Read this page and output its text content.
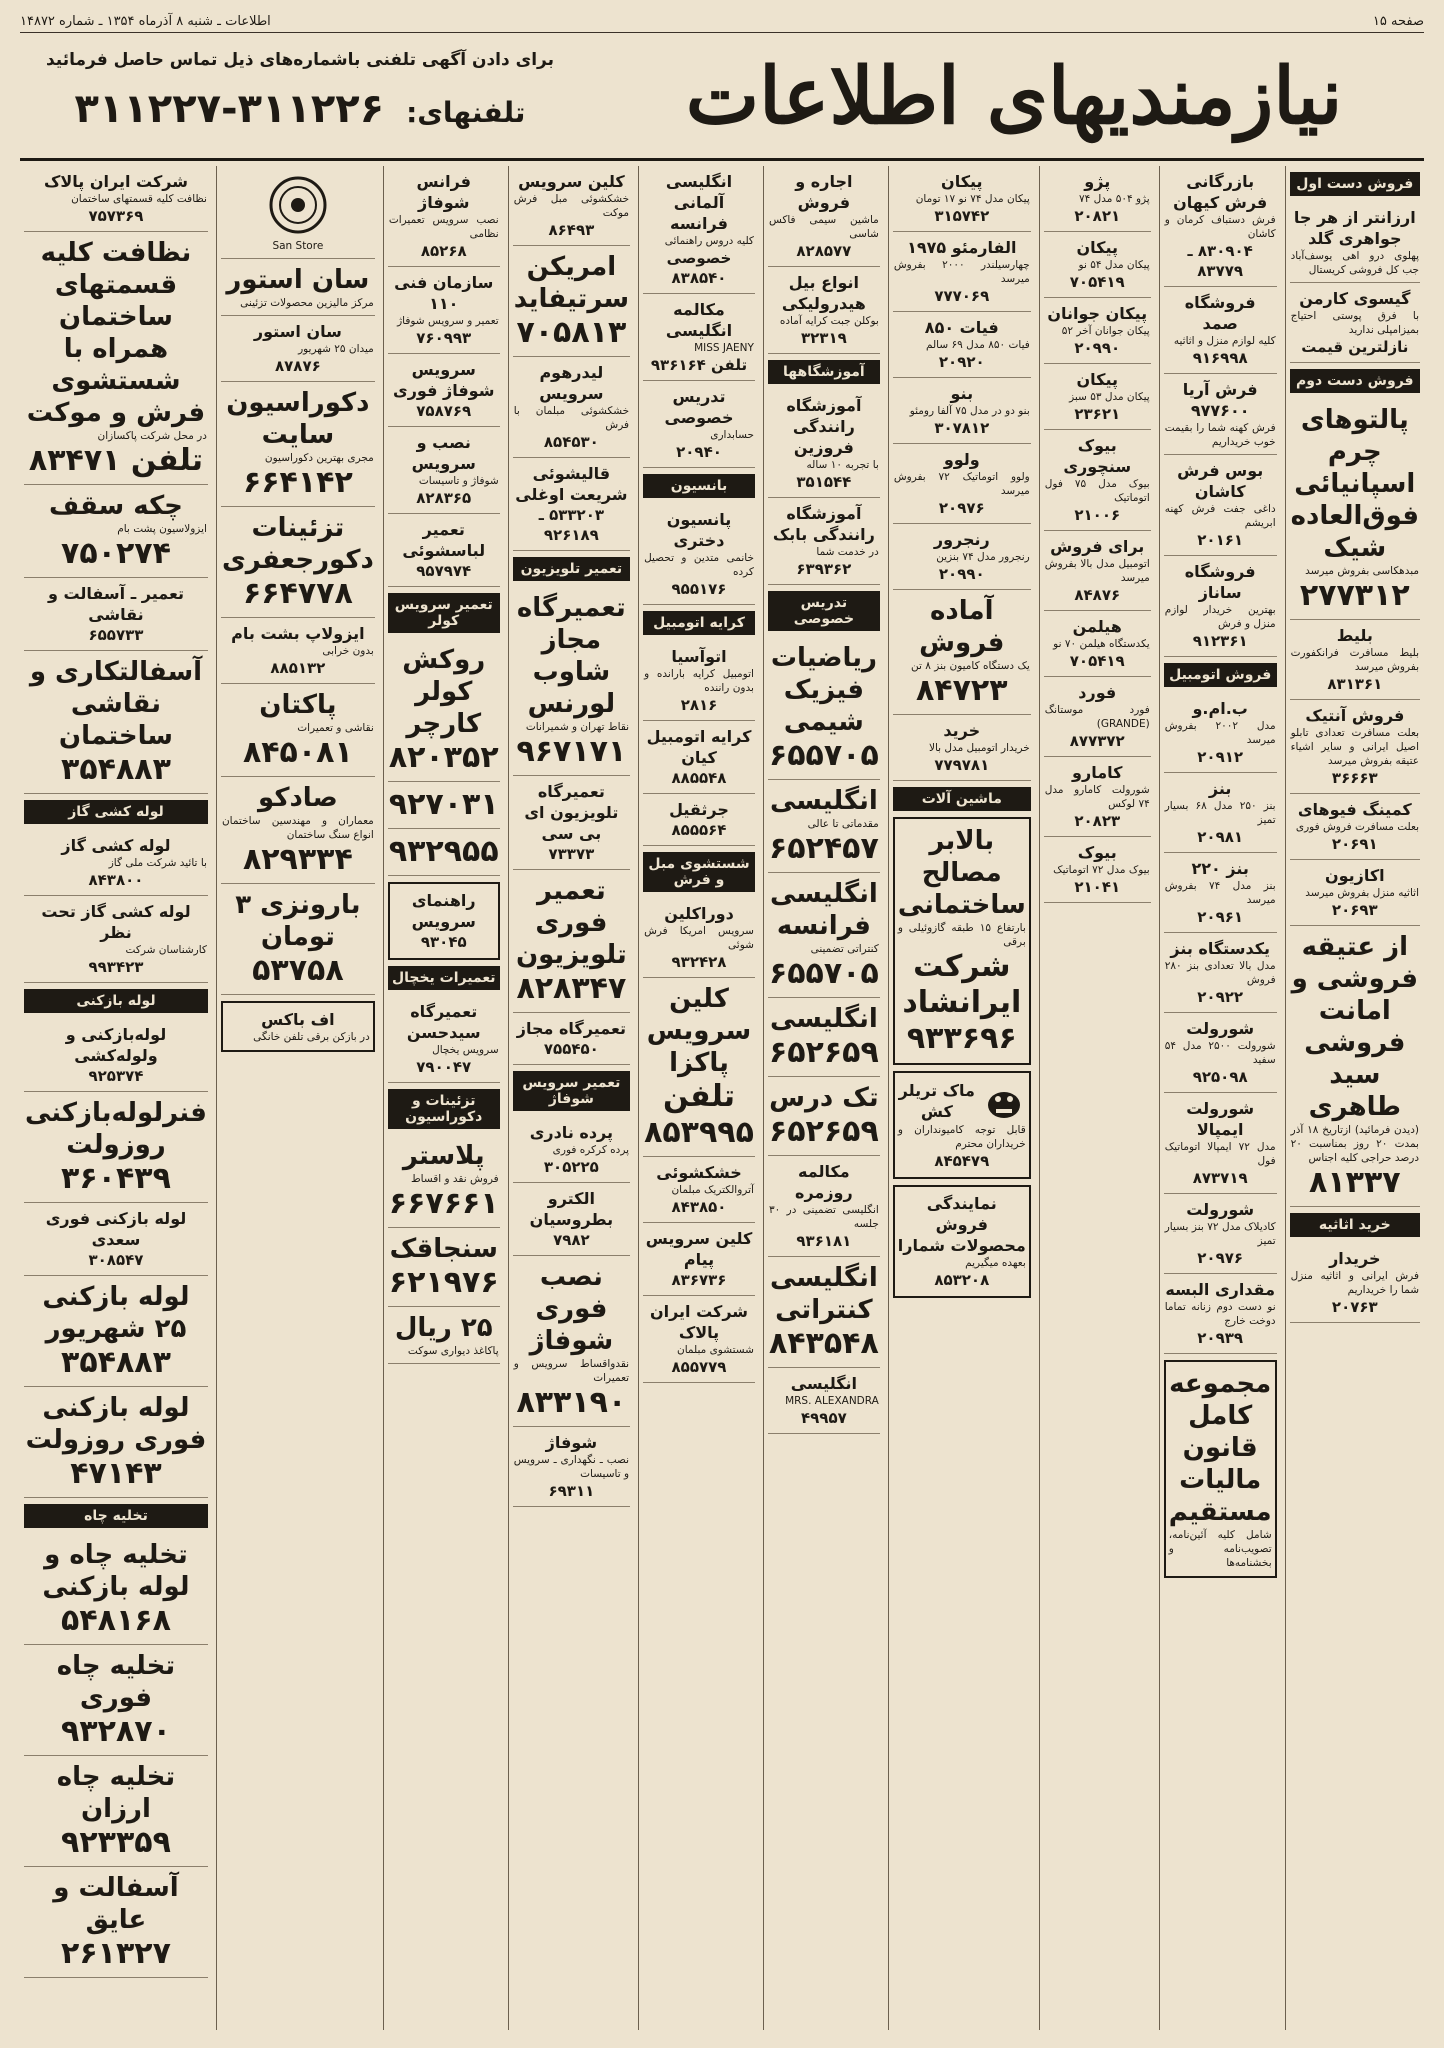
صفحه ۱۵
اطلاعات ـ شنبه ۸ آذرماه ۱۳۵۴ ـ شماره ۱۴۸۷۲
نیازمندیهای اطلاعات
برای دادن آگهی تلفنی باشماره‌های ذیل تماس حاصل فرمائید
تلفنهای: ۳۱۱۲۲۶-۳۱۱۲۲۷
فروش دست اول
ارزانتر از هر جا جواهری گلد
پهلوی درو اهی یوسف‌آباد جب کل فروشی کریستال
گیسوی کارمن
با فرق پوستی احتیاج بمیزامپلی ندارید
نازلترین قیمت
فروش دست دوم
پالتوهای چرم اسپانیائی فوق‌العاده شیک
مبدهکاسی بفروش میرسد
۲۷۷۳۱۲
بلیط
بلیط مسافرت فرانکفورت بفروش میرسد
۸۳۱۳۶۱
فروش آنتیک
بعلت مسافرت تعدادی تابلو اصیل ایرانی و سایر اشیاء عتیقه بفروش میرسد
۳۶۶۶۳
کمینگ فیوهای
بعلت مسافرت فروش فوری
۲۰۶۹۱
اکازیون
اثاثیه منزل بفروش میرسد
۲۰۶۹۳
از عتیقه فروشی و امانت فروشی سید طاهری
(دیدن فرمائید) ازتاریخ ۱۸ آذر بمدت ۲۰ روز بمناسبت ۲۰ درصد حراجی کلیه اجناس
۸۱۳۳۷
خرید اثاثیه
خریدار
فرش ایرانی و اثاثیه منزل شما را خریداریم
۲۰۷۶۳
بازرگانی فرش کیهان
فرش دستباف کرمان و کاشان
۸۳۰۹۰۴ ـ ۸۳۷۷۹
فروشگاه صمد
کلیه لوازم منزل و اثاثیه
۹۱۶۹۹۸
فرش آریا ۹۷۷۶۰۰
فرش کهنه شما را بقیمت خوب خریداریم
بوس فرش کاشان
داغی جفت فرش کهنه ابریشم
۲۰۱۶۱
فروشگاه ساناز
بهترین خریدار لوازم منزل و فرش
۹۱۲۳۶۱
فروش اتومبیل
ب.ام.و
مدل ۲۰۰۲ بفروش میرسد
۲۰۹۱۲
بنز
بنز ۲۵۰ مدل ۶۸ بسیار تمیز
۲۰۹۸۱
بنز ۲۲۰
بنز مدل ۷۴ بفروش میرسد
۲۰۹۶۱
یکدستگاه بنز
مدل بالا تعدادی بنز ۲۸۰ فروش
۲۰۹۲۲
شورولت
شورولت ۲۵۰۰ مدل ۵۴ سفید
۹۲۵۰۹۸
شورولت ایمپالا
مدل ۷۲ ایمپالا اتوماتیک فول
۸۷۳۷۱۹
شورولت
کادیلاک مدل ۷۲ بنز بسیار تمیز
۲۰۹۷۶
مقداری البسه
نو دست دوم زنانه تماما دوخت خارج
۲۰۹۳۹
مجموعه کامل قانون مالیات مستقیم
شامل کلیه آئین‌نامه، تصویب‌نامه و بخشنامه‌ها
پژو
پژو ۵۰۴ مدل ۷۴
۲۰۸۲۱
پیکان
پیکان مدل ۵۴ نو
۷۰۵۴۱۹
پیکان جوانان
پیکان جوانان آخر ۵۲
۲۰۹۹۰
پیکان
پیکان مدل ۵۳ سبز
۲۳۶۲۱
بیوک سنچوری
بیوک مدل ۷۵ فول اتوماتیک
۲۱۰۰۶
برای فروش
اتومبیل مدل بالا بفروش میرسد
۸۴۸۷۶
هیلمن
یکدستگاه هیلمن ۷۰ نو
۷۰۵۴۱۹
فورد
فورد موستانگ (GRANDE)
۸۷۷۳۷۲
کامارو
شورولت کامارو مدل ۷۴ لوکس
۲۰۸۲۳
بیوک
بیوک مدل ۷۲ اتوماتیک
۲۱۰۴۱
پیکان
پیکان مدل ۷۴ نو ۱۷ تومان
۳۱۵۷۴۲
الفارمئو ۱۹۷۵
چهارسیلندر ۲۰۰۰ بفروش میرسد
۷۷۷۰۶۹
فیات ۸۵۰
فیات ۸۵۰ مدل ۶۹ سالم
۲۰۹۲۰
بنو
بنو دو در مدل ۷۵ آلفا رومئو
۳۰۷۸۱۲
ولوو
ولوو اتوماتیک ۷۲ بفروش میرسد
۲۰۹۷۶
رنجرور
رنجرور مدل ۷۴ بنزین
۲۰۹۹۰
آماده فروش
یک دستگاه کامیون بنز ۸ تن
۸۴۷۲۳
خرید
خریدار اتومبیل مدل بالا
۷۷۹۷۸۱
ماشین آلات
بالابر مصالح ساختمانی
بارتفاع ۱۵ طبقه گازوئیلی و برقی
شرکت ایرانشاد ۹۳۳۶۹۶
ماک تریلر کش
قابل توجه کامیونداران و خریداران محترم
۸۴۵۴۷۹
نمایندگی فروش محصولات شمارا
بعهده میگیریم
۸۵۳۲۰۸
اجاره و فروش
ماشین سیمی فاکس شاسی
۸۲۸۵۷۷
انواع بیل هیدرولیکی
بوکلن جبت کرایه آماده
۳۲۳۱۹
آموزشگاهها
آموزشگاه رانندگی فروزین
با تجربه ۱۰ ساله
۳۵۱۵۴۴
آموزشگاه رانندگی بابک
در خدمت شما
۶۳۹۳۶۲
تدریس خصوصی
ریاضیات فیزیک شیمی
۶۵۵۷۰۵
انگلیسی
مقدماتی تا عالی
۶۵۲۴۵۷
انگلیسی فرانسه
کنتراتی تضمینی
۶۵۵۷۰۵
انگلیسی
۶۵۲۶۵۹
تک درس
۶۵۲۶۵۹
مکالمه روزمره
انگلیسی تضمینی در ۳۰ جلسه
۹۳۶۱۸۱
انگلیسی کنتراتی
۸۴۳۵۴۸
انگلیسی
MRS. ALEXANDRA
۴۹۹۵۷
انگلیسی آلمانی فرانسه
کلیه دروس راهنمائی
خصوصی ۸۳۸۵۴۰
مکالمه انگلیسی
MISS JAENY
تلفن ۹۳۶۱۶۴
تدریس خصوصی
حسابداری
۲۰۹۴۰
بانسیون
پانسیون دختری
خانمی متدین و تحصیل کرده
۹۵۵۱۷۶
کرایه اتومبیل
اتوآسیا
اتومبیل کرایه بارانده و بدون راننده
۲۸۱۶
کرایه اتومبیل کیان
۸۸۵۵۴۸
جرثقیل
۸۵۵۵۶۴
شستشوی مبل و فرش
دوراکلین
سرویس امریکا فرش شوئی
۹۳۲۴۲۸
کلین سرویس پاکزا
تلفن ۸۵۳۹۹۵
خشکشوئی
آتروالکتریک مبلمان
۸۴۳۸۵۰
کلین سرویس پیام
۸۳۶۷۳۶
شرکت ایران پالاک
شستشوی مبلمان
۸۵۵۷۷۹
کلین سرویس
خشکشوئی مبل فرش موکت
۸۶۴۹۳
امریکن سرتیفاید
۷۰۵۸۱۳
لیدرهوم سرویس
خشکشوئی مبلمان با فرش
۸۵۴۵۳۰
قالیشوئی شریعت اوغلی
۵۳۳۲۰۳ ـ ۹۲۶۱۸۹
تعمیر تلویزیون
تعمیرگاه مجاز شاوب لورنس
نقاط تهران و شمیرانات
۹۶۷۱۷۱
تعمیرگاه تلویزیون ای بی سی
۷۳۳۷۳
تعمیر فوری تلویزیون
۸۲۸۳۴۷
تعمیرگاه مجاز
۷۵۵۴۵۰
تعمیر سرویس شوفاژ
پرده نادری
پرده کرکره فوری
۳۰۵۲۲۵
الکترو بطروسیان
۷۹۸۲
نصب فوری شوفاژ
نقدواقساط سرویس و تعمیرات
۸۳۳۱۹۰
شوفاژ
نصب ـ نگهداری ـ سرویس و تاسیسات
۶۹۳۱۱
فرانس شوفاژ
نصب سرویس تعمیرات نظامی
۸۵۲۶۸
سازمان فنی ۱۱۰
تعمیر و سرویس شوفاژ
۷۶۰۹۹۳
سرویس شوفاژ فوری
۷۵۸۷۶۹
نصب و سرویس
شوفاژ و تاسیسات
۸۲۸۳۶۵
تعمیر لباسشوئی
۹۵۷۹۷۴
تعمیر سرویس کولر
روکش کولر کارچر
۸۲۰۳۵۲
۹۲۷۰۳۱
۹۳۲۹۵۵
راهنمای سرویس
۹۳۰۴۵
تعمیرات یخچال
تعمیرگاه سیدحسن
سرویس یخچال
۷۹۰۰۴۷
تزئینات و دکوراسیون
پلاستر
فروش نقد و اقساط
۶۶۷۶۶۱
سنجاقک
۶۲۱۹۷۶
۲۵ ریال
پاکاغذ دیواری سوکت
San Store
سان استور
مرکز مالیزین محصولات تزئینی
سان استور
میدان ۲۵ شهریور
۸۷۸۷۶
دکوراسیون سایت
مجری بهترین دکوراسیون
۶۶۴۱۴۲
تزئینات دکورجعفری
۶۶۴۷۷۸
ایزولاپ بشت بام
بدون خرابی
۸۸۵۱۳۲
پاکتان
نقاشی و تعمیرات
۸۴۵۰۸۱
صادکو
معماران و مهندسین ساختمان انواع سنگ ساختمان
۸۲۹۳۳۴
بارونزی ۳ تومان
۵۳۷۵۸
اف باکس
در بازکن برقی تلفن خانگی
شرکت ایران پالاک
نظافت کلیه قسمتهای ساختمان
۷۵۷۳۶۹
نظافت کلیه قسمتهای ساختمان همراه با شستشوی فرش و موکت
در محل شرکت پاکسازان
تلفن ۸۳۴۷۱
چکه سقف
ایزولاسیون پشت بام
۷۵۰۲۷۴
تعمیر ـ آسفالت و نقاشی
۶۵۵۷۳۳
آسفالتکاری و نقاشی ساختمان
۳۵۴۸۸۳
لوله کشی گاز
لوله کشی گاز
با تائید شرکت ملی گاز
۸۴۳۸۰۰
لوله کشی گاز تحت نظر
کارشناسان شرکت
۹۹۳۴۲۳
لوله بازکنی
لوله‌بازکنی و ولوله‌کشی
۹۲۵۳۷۴
فنرلوله‌بازکنی روزولت
۳۶۰۴۳۹
لوله بازکنی فوری سعدی
۳۰۸۵۴۷
لوله بازکنی ۲۵ شهریور
۳۵۴۸۸۳
لوله بازکنی فوری روزولت
۴۷۱۴۳
تخلیه چاه
تخلیه چاه و لوله بازکنی
۵۴۸۱۶۸
تخلیه چاه فوری
۹۳۲۸۷۰
تخلیه چاه ارزان
۹۲۳۳۵۹
آسفالت و عایق
۲۶۱۳۲۷
